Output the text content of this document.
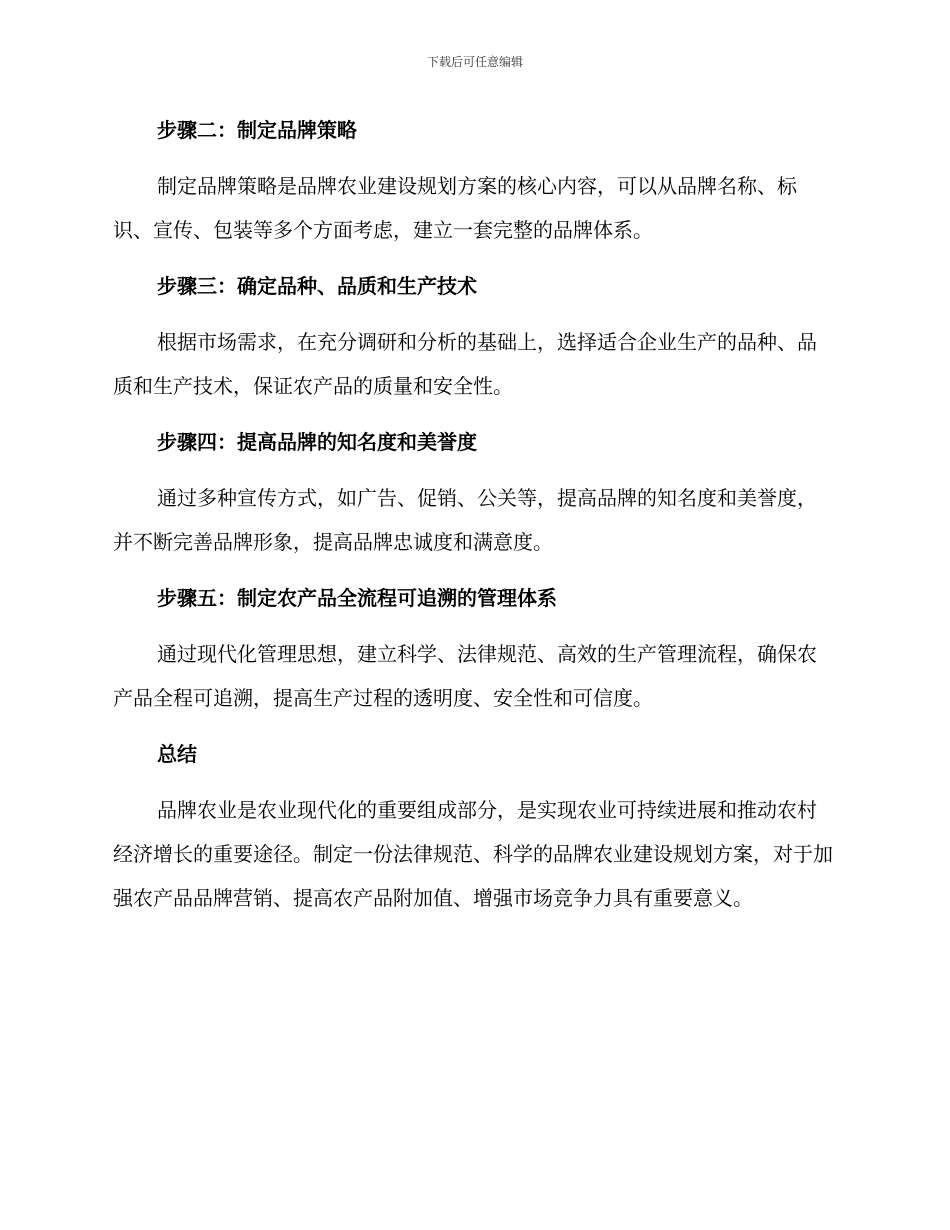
下载后可任意编辑
步骤二：制定品牌策略

制定品牌策略是品牌农业建设规划方案的核心内容，可以从品牌名称、标识、宣传、包装等多个方面考虑，建立一套完整的品牌体系。

步骤三：确定品种、品质和生产技术

根据市场需求，在充分调研和分析的基础上，选择适合企业生产的品种、品质和生产技术，保证农产品的质量和安全性。

步骤四：提高品牌的知名度和美誉度

通过多种宣传方式，如广告、促销、公关等，提高品牌的知名度和美誉度，并不断完善品牌形象，提高品牌忠诚度和满意度。

步骤五：制定农产品全流程可追溯的管理体系

通过现代化管理思想，建立科学、法律规范、高效的生产管理流程，确保农产品全程可追溯，提高生产过程的透明度、安全性和可信度。

总结

品牌农业是农业现代化的重要组成部分，是实现农业可持续进展和推动农村经济增长的重要途径。制定一份法律规范、科学的品牌农业建设规划方案，对于加强农产品品牌营销、提高农产品附加值、增强市场竞争力具有重要意义。
